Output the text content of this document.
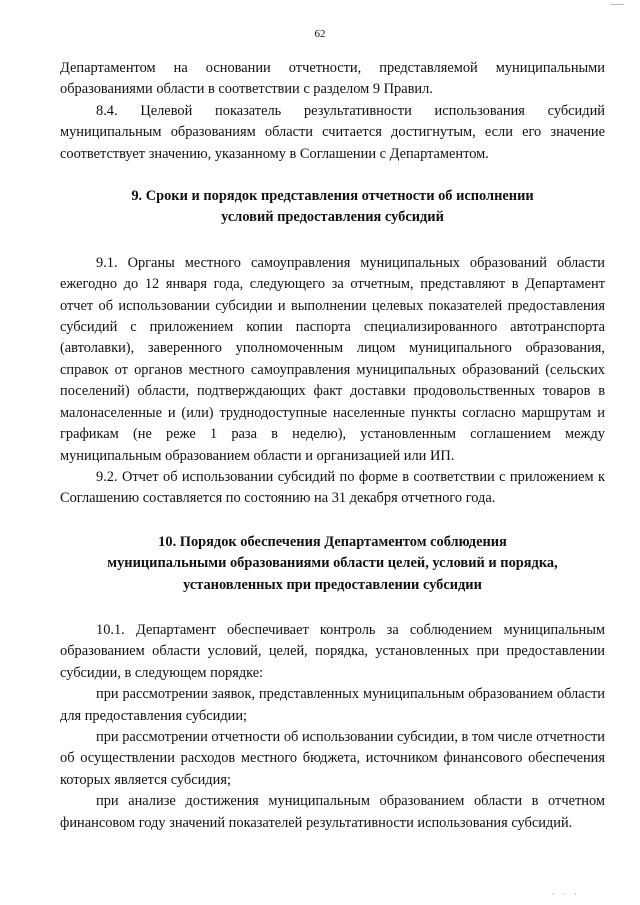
62

Департаментом на основании отчетности, представляемой муниципальными образованиями области в соответствии с разделом 9 Правил.

8.4. Целевой показатель результативности использования субсидий муниципальным образованиям области считается достигнутым, если его значение соответствует значению, указанному в Соглашении с Департаментом.

9. Сроки и порядок представления отчетности об исполнении
условий предоставления субсидий

9.1. Органы местного самоуправления муниципальных образований области ежегодно до 12 января года, следующего за отчетным, представляют в Департамент отчет об использовании субсидии и выполнении целевых показателей предоставления субсидий с приложением копии паспорта специализированного автотранспорта (автолавки), заверенного уполномоченным лицом муниципального образования, справок от органов местного самоуправления муниципальных образований (сельских поселений) области, подтверждающих факт доставки продовольственных товаров в малонаселенные и (или) труднодоступные населенные пункты согласно маршрутам и графикам (не реже 1 раза в неделю), установленным соглашением между муниципальным образованием области и организацией или ИП.

9.2. Отчет об использовании субсидий по форме в соответствии с приложением к Соглашению составляется по состоянию на 31 декабря отчетного года.

10. Порядок обеспечения Департаментом соблюдения
муниципальными образованиями области целей, условий и порядка,
установленных при предоставлении субсидии

10.1. Департамент обеспечивает контроль за соблюдением муниципальным образованием области условий, целей, порядка, установленных при предоставлении субсидии, в следующем порядке:

при рассмотрении заявок, представленных муниципальным образованием области для предоставления субсидии;

при рассмотрении отчетности об использовании субсидии, в том числе отчетности об осуществлении расходов местного бюджета, источником финансового обеспечения которых является субсидия;

при анализе достижения муниципальным образованием области в отчетном финансовом году значений показателей результативности использования субсидий.

· · ·
